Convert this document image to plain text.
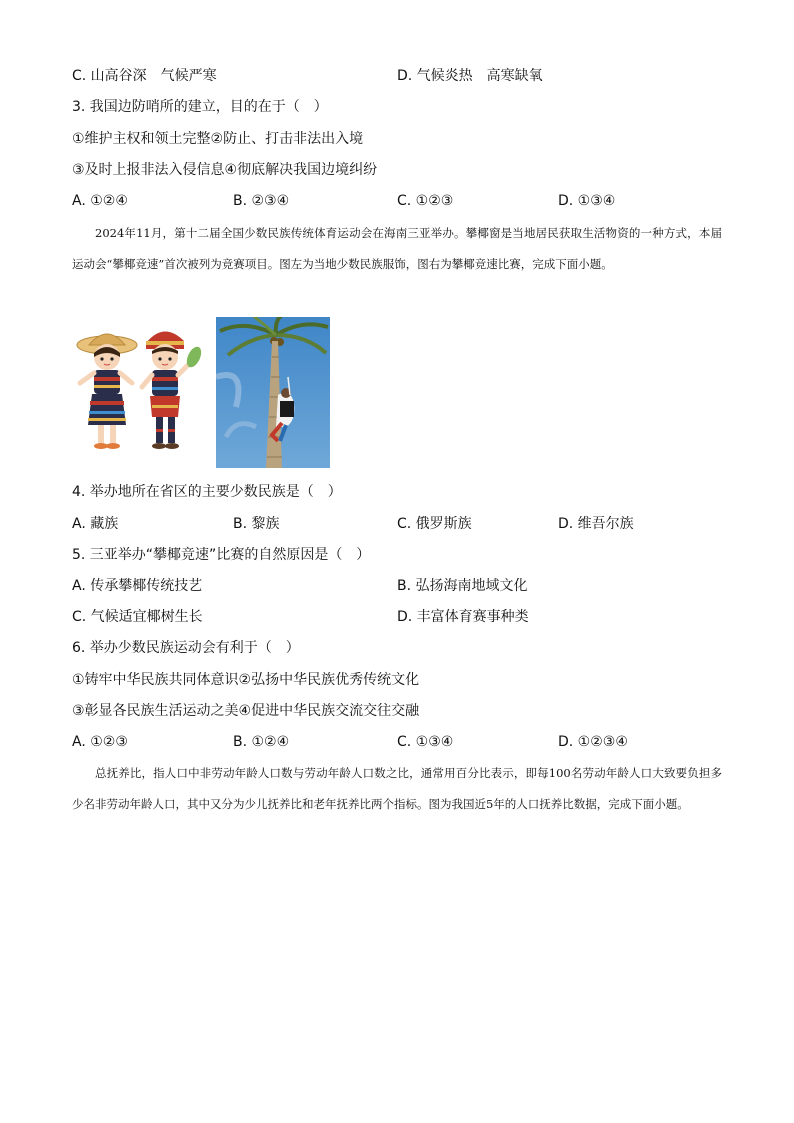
C. 山高谷深　气候严寒	D. 气候炎热　高寒缺氧
3. 我国边防哨所的建立，目的在于（　）
①维护主权和领土完整②防止、打击非法出入境
③及时上报非法入侵信息④彻底解决我国边境纠纷
A. ①②④	B. ②③④	C. ①②③	D. ①③④
2024年11月，第十二届全国少数民族传统体育运动会在海南三亚举办。攀椰窗是当地居民获取生活物资的一种方式，本届运动会“攀椰竞速”首次被列为竞赛项目。图左为当地少数民族服饰，图右为攀椰竞速比赛，完成下面小题。
4. 举办地所在省区的主要少数民族是（　）
A. 藏族	B. 黎族	C. 俄罗斯族	D. 维吾尔族
5. 三亚举办“攀椰竞速”比赛的自然原因是（　）
A. 传承攀椰传统技艺	B. 弘扬海南地域文化
C. 气候适宜椰树生长	D. 丰富体育赛事种类
6. 举办少数民族运动会有利于（　）
①铸牢中华民族共同体意识②弘扬中华民族优秀传统文化
③彰显各民族生活运动之美④促进中华民族交流交往交融
A. ①②③	B. ①②④	C. ①③④	D. ①②③④
总抚养比，指人口中非劳动年龄人口数与劳动年龄人口数之比，通常用百分比表示，即每100名劳动年龄人口大致要负担多少名非劳动年龄人口，其中又分为少儿抚养比和老年抚养比两个指标。图为我国近5年的人口抚养比数据，完成下面小题。
